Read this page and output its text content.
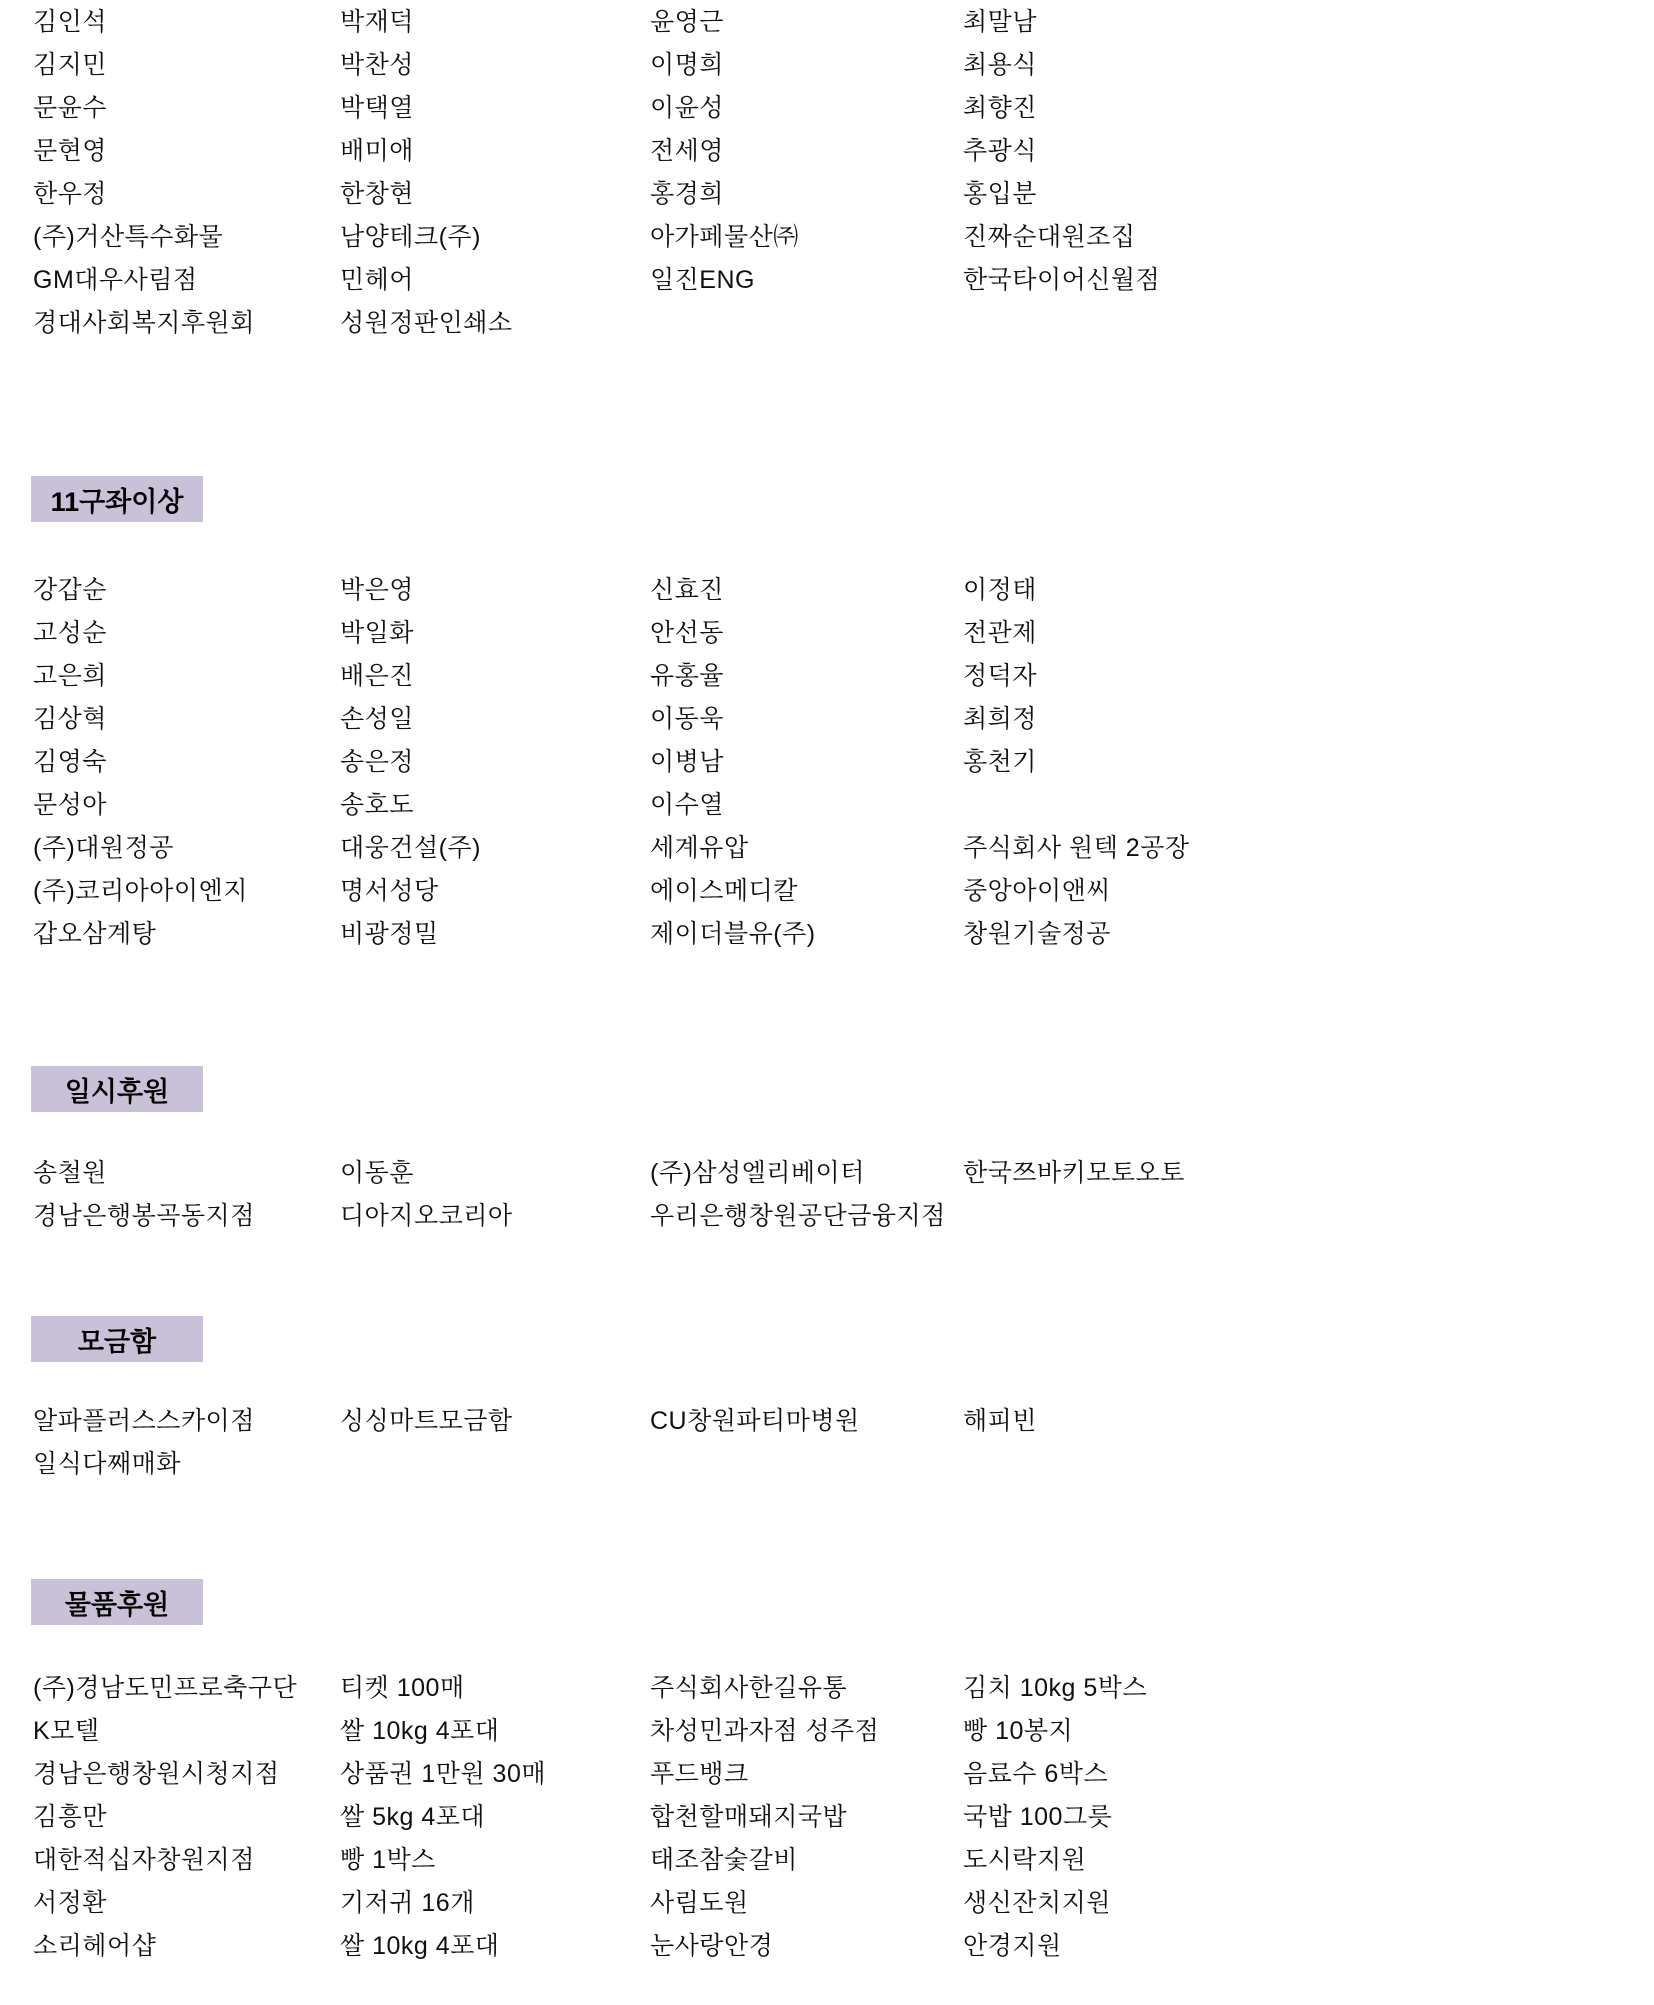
김인석	박재덕	윤영근	최말남
김지민	박찬성	이명희	최용식
문윤수	박택열	이윤성	최향진
문현영	배미애	전세영	추광식
한우정	한창현	홍경희	홍입분
(주)거산특수화물	남양테크(주)	아가페물산㈜	진짜순대원조집
GM대우사림점	민헤어	일진ENG	한국타이어신월점
경대사회복지후원회	성원정판인쇄소
11구좌이상
강갑순	박은영	신효진	이정태
고성순	박일화	안선동	전관제
고은희	배은진	유홍율	정덕자
김상혁	손성일	이동욱	최희정
김영숙	송은정	이병남	홍천기
문성아	송호도	이수열
(주)대원정공	대웅건설(주)	세계유압	주식회사 원텍 2공장
(주)코리아아이엔지	명서성당	에이스메디칼	중앙아이앤씨
갑오삼계탕	비광정밀	제이더블유(주)	창원기술정공
일시후원
송철원	이동훈	(주)삼성엘리베이터	한국쯔바키모토오토
경남은행봉곡동지점	디아지오코리아	우리은행창원공단금융지점
모금함
알파플러스스카이점	싱싱마트모금함	CU창원파티마병원	해피빈
일식다째매화
물품후원
(주)경남도민프로축구단	티켓 100매	주식회사한길유통	김치 10kg 5박스
K모텔	쌀 10kg 4포대	차성민과자점 성주점	빵 10봉지
경남은행창원시청지점	상품권 1만원 30매	푸드뱅크	음료수 6박스
김흥만	쌀 5kg 4포대	합천할매돼지국밥	국밥 100그릇
대한적십자창원지점	빵 1박스	태조참숯갈비	도시락지원
서정환	기저귀 16개	사림도원	생신잔치지원
소리헤어샵	쌀 10kg 4포대	눈사랑안경	안경지원
